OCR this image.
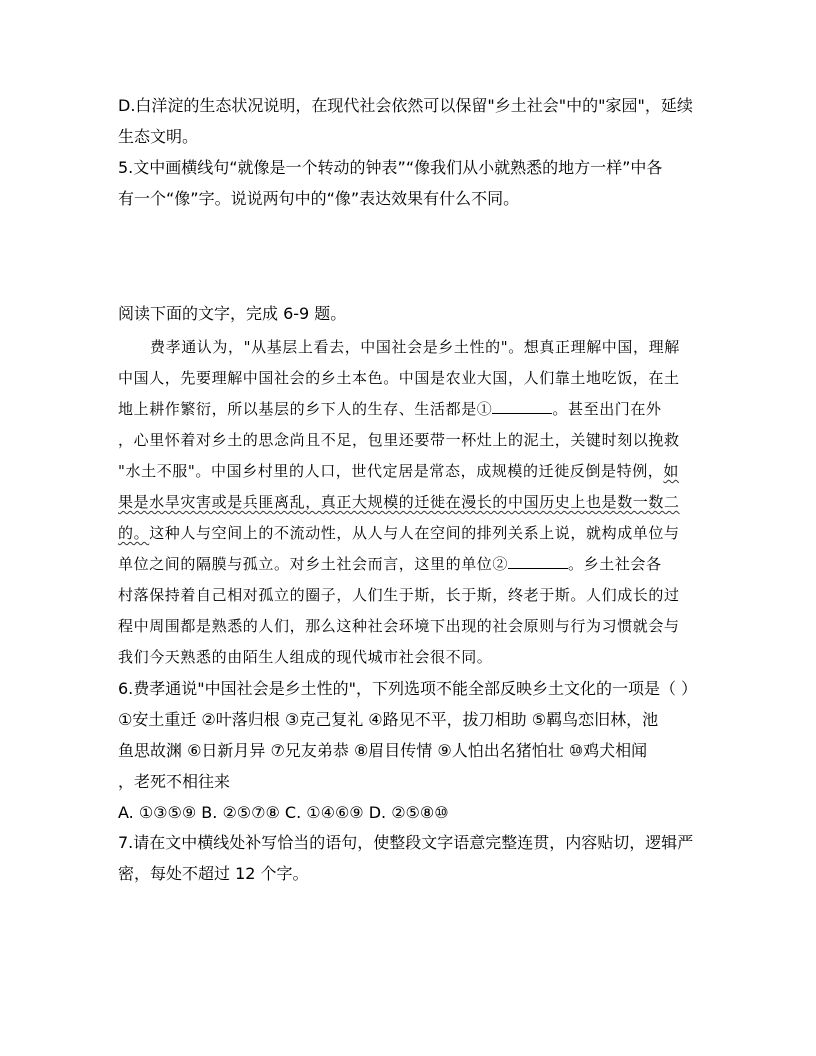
D.白洋淀的生态状况说明，在现代社会依然可以保留"乡土社会"中的"家园"，延续
生态文明。
5.文中画横线句“就像是一个转动的钟表”“像我们从小就熟悉的地方一样”中各
有一个“像”字。说说两句中的“像”表达效果有什么不同。
阅读下面的文字，完成 6-9 题。
费孝通认为，"从基层上看去，中国社会是乡土性的"。想真正理解中国，理解
中国人，先要理解中国社会的乡土本色。中国是农业大国，人们靠土地吃饭，在土
地上耕作繁衍，所以基层的乡下人的生存、生活都是①	。甚至出门在外
，心里怀着对乡土的思念尚且不足，包里还要带一杯灶上的泥土，关键时刻以挽救
"水土不服"。中国乡村里的人口，世代定居是常态，成规模的迁徙反倒是特例，如
果是水旱灾害或是兵匪离乱，真正大规模的迁徙在漫长的中国历史上也是数一数二
的。这种人与空间上的不流动性，从人与人在空间的排列关系上说，就构成单位与
单位之间的隔膜与孤立。对乡土社会而言，这里的单位②	。乡土社会各
村落保持着自己相对孤立的圈子，人们生于斯，长于斯，终老于斯。人们成长的过
程中周围都是熟悉的人们，那么这种社会环境下出现的社会原则与行为习惯就会与
我们今天熟悉的由陌生人组成的现代城市社会很不同。
6.费孝通说"中国社会是乡土性的"，下列选项不能全部反映乡土文化的一项是（ ）
①安土重迁 ②叶落归根 ③克己复礼 ④路见不平，拔刀相助 ⑤羁鸟恋旧林，池
鱼思故渊 ⑥日新月异 ⑦兄友弟恭 ⑧眉目传情 ⑨人怕出名猪怕壮 ⑩鸡犬相闻
，老死不相往来
A. ①③⑤⑨ B. ②⑤⑦⑧ C. ①④⑥⑨ D. ②⑤⑧⑩
7.请在文中横线处补写恰当的语句，使整段文字语意完整连贯，内容贴切，逻辑严
密，每处不超过 12 个字。
